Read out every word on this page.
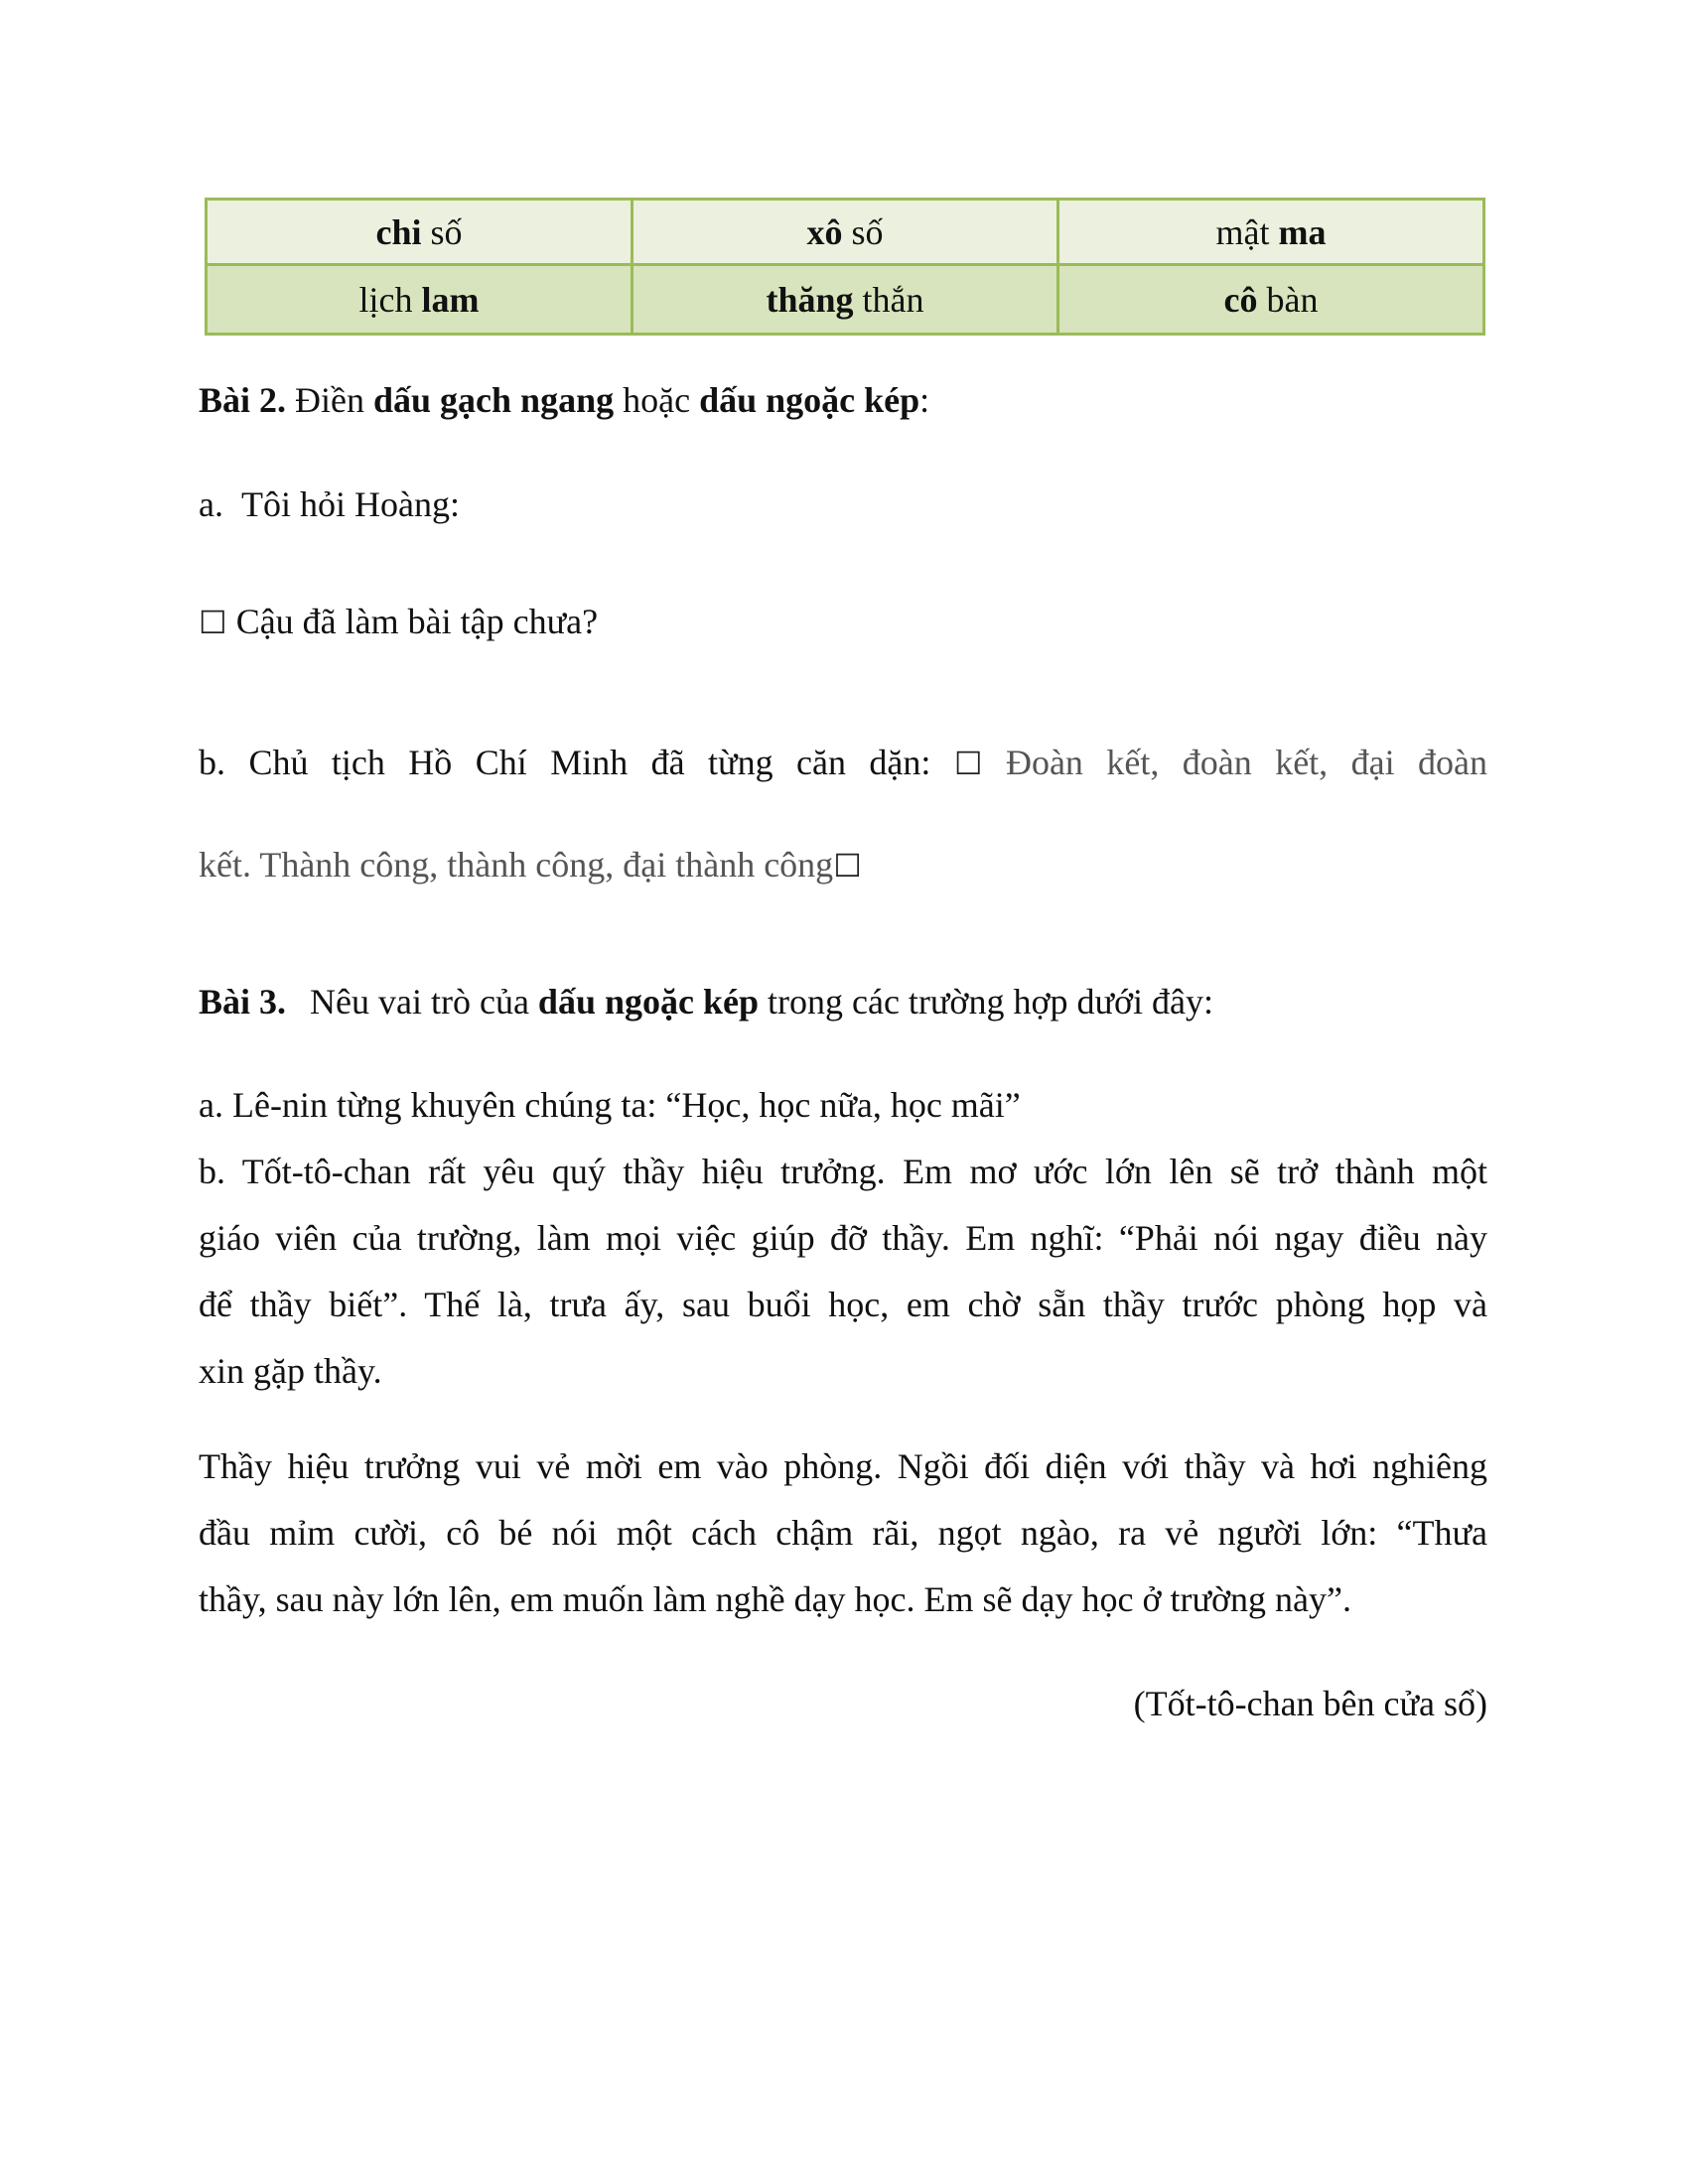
chi số	xô số	mật ma
lịch lam	thăng thắn	cô bàn

Bài 2. Điền dấu gạch ngang hoặc dấu ngoặc kép:

a. Tôi hỏi Hoàng:

☐ Cậu đã làm bài tập chưa?

b. Chủ tịch Hồ Chí Minh đã từng căn dặn: ☐ Đoàn kết, đoàn kết, đại đoàn

kết. Thành công, thành công, đại thành công☐

Bài 3. Nêu vai trò của dấu ngoặc kép trong các trường hợp dưới đây:

a. Lê-nin từng khuyên chúng ta: “Học, học nữa, học mãi”

b. Tốt-tô-chan rất yêu quý thầy hiệu trưởng. Em mơ ước lớn lên sẽ trở thành một
giáo viên của trường, làm mọi việc giúp đỡ thầy. Em nghĩ: “Phải nói ngay điều này
để thầy biết”. Thế là, trưa ấy, sau buổi học, em chờ sẵn thầy trước phòng họp và
xin gặp thầy.
Thầy hiệu trưởng vui vẻ mời em vào phòng. Ngồi đối diện với thầy và hơi nghiêng
đầu mỉm cười, cô bé nói một cách chậm rãi, ngọt ngào, ra vẻ người lớn: “Thưa
thầy, sau này lớn lên, em muốn làm nghề dạy học. Em sẽ dạy học ở trường này”.

(Tốt-tô-chan bên cửa sổ)
